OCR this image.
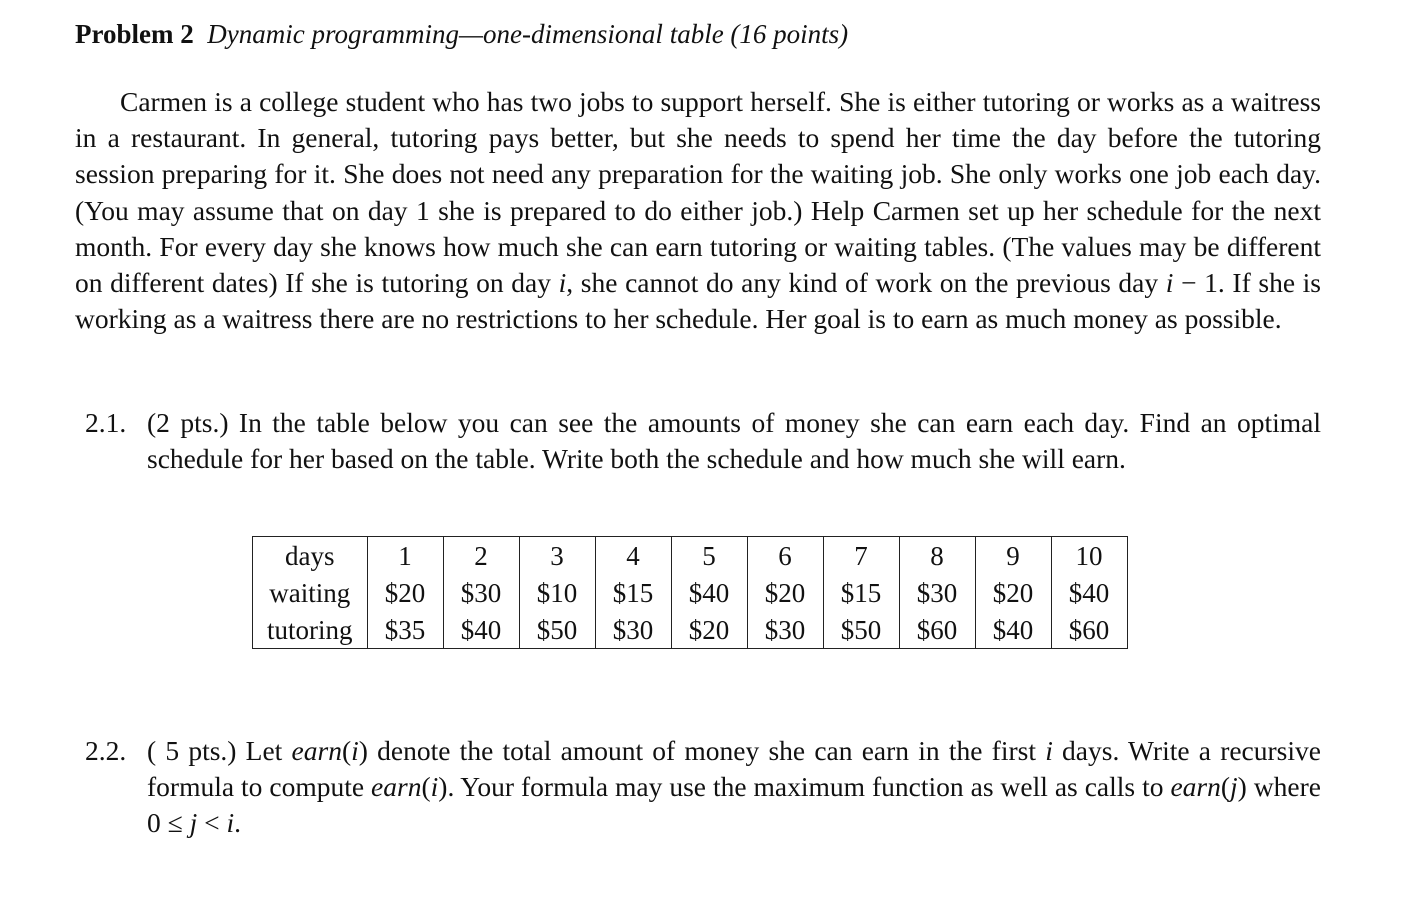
Problem 2 Dynamic programming—one-dimensional table (16 points)
Carmen is a college student who has two jobs to support herself. She is either tutoring or works as a waitress in a restaurant. In general, tutoring pays better, but she needs to spend her time the day before the tutoring session preparing for it. She does not need any preparation for the waiting job. She only works one job each day. (You may assume that on day 1 she is prepared to do either job.) Help Carmen set up her schedule for the next month. For every day she knows how much she can earn tutoring or waiting tables. (The values may be different on different dates) If she is tutoring on day i, she cannot do any kind of work on the previous day i − 1. If she is working as a waitress there are no restrictions to her schedule. Her goal is to earn as much money as possible.
2.1. (2 pts.) In the table below you can see the amounts of money she can earn each day. Find an optimal schedule for her based on the table. Write both the schedule and how much she will earn.
days	1	2	3	4	5	6	7	8	9	10
waiting	$20	$30	$10	$15	$40	$20	$15	$30	$20	$40
tutoring	$35	$40	$50	$30	$20	$30	$50	$60	$40	$60
2.2. ( 5 pts.) Let earn(i) denote the total amount of money she can earn in the first i days. Write a recursive formula to compute earn(i). Your formula may use the maximum function as well as calls to earn(j) where 0 ≤ j < i.
